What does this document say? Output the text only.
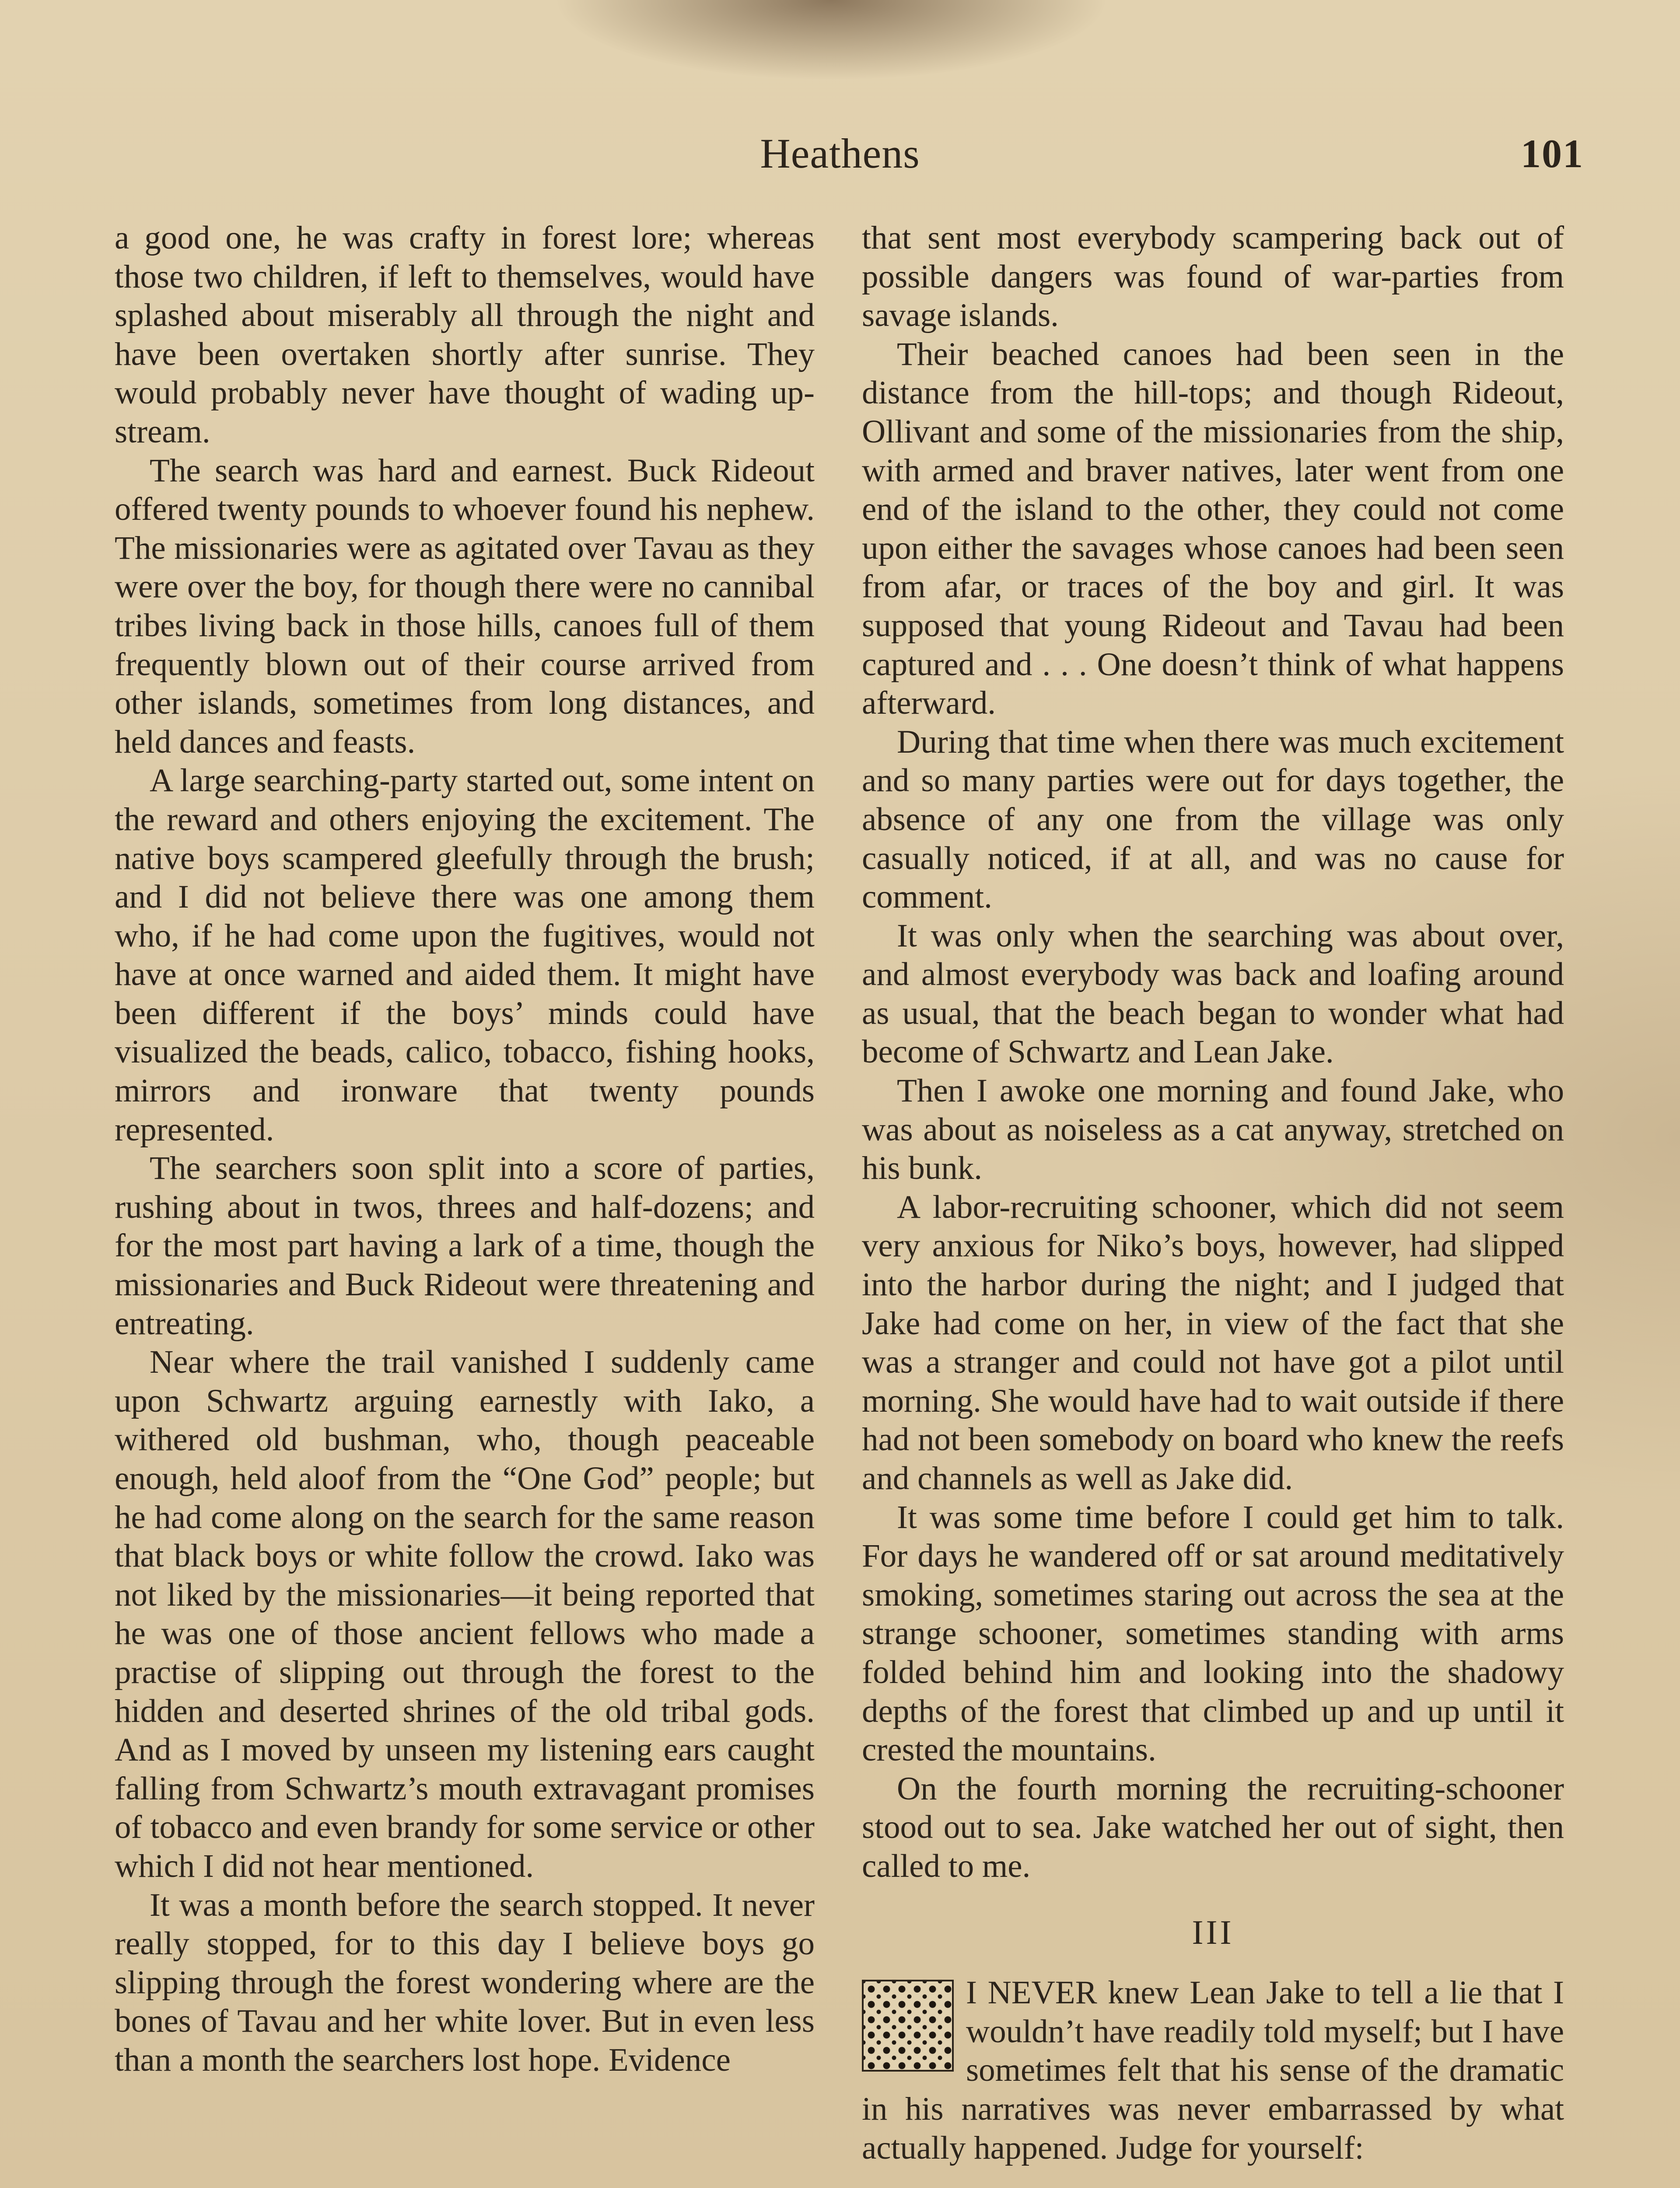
Heathens	101

a good one, he was crafty in forest lore; whereas those two children, if left to themselves, would have splashed about miserably all through the night and have been overtaken shortly after sunrise. They would probably never have thought of wading up-stream.

The search was hard and earnest. Buck Rideout offered twenty pounds to whoever found his nephew. The missionaries were as agitated over Tavau as they were over the boy, for though there were no cannibal tribes living back in those hills, canoes full of them frequently blown out of their course arrived from other islands, sometimes from long distances, and held dances and feasts.

A large searching-party started out, some intent on the reward and others enjoying the excitement. The native boys scampered gleefully through the brush; and I did not believe there was one among them who, if he had come upon the fugitives, would not have at once warned and aided them. It might have been different if the boys’ minds could have visualized the beads, calico, tobacco, fishing hooks, mirrors and ironware that twenty pounds represented.

The searchers soon split into a score of parties, rushing about in twos, threes and half-dozens; and for the most part having a lark of a time, though the missionaries and Buck Rideout were threatening and entreating.

Near where the trail vanished I suddenly came upon Schwartz arguing earnestly with Iako, a withered old bushman, who, though peaceable enough, held aloof from the “One God” people; but he had come along on the search for the same reason that black boys or white follow the crowd. Iako was not liked by the missionaries—it being reported that he was one of those ancient fellows who made a practise of slipping out through the forest to the hidden and deserted shrines of the old tribal gods. And as I moved by unseen my listening ears caught falling from Schwartz’s mouth extravagant promises of tobacco and even brandy for some service or other which I did not hear mentioned.

It was a month before the search stopped. It never really stopped, for to this day I believe boys go slipping through the forest wondering where are the bones of Tavau and her white lover. But in even less than a month the searchers lost hope. Evidence

that sent most everybody scampering back out of possible dangers was found of war-parties from savage islands.

Their beached canoes had been seen in the distance from the hill-tops; and though Rideout, Ollivant and some of the missionaries from the ship, with armed and braver natives, later went from one end of the island to the other, they could not come upon either the savages whose canoes had been seen from afar, or traces of the boy and girl. It was supposed that young Rideout and Tavau had been captured and . . . One doesn’t think of what happens afterward.

During that time when there was much excitement and so many parties were out for days together, the absence of any one from the village was only casually noticed, if at all, and was no cause for comment.

It was only when the searching was about over, and almost everybody was back and loafing around as usual, that the beach began to wonder what had become of Schwartz and Lean Jake.

Then I awoke one morning and found Jake, who was about as noiseless as a cat anyway, stretched on his bunk.

A labor-recruiting schooner, which did not seem very anxious for Niko’s boys, however, had slipped into the harbor during the night; and I judged that Jake had come on her, in view of the fact that she was a stranger and could not have got a pilot until morning. She would have had to wait outside if there had not been somebody on board who knew the reefs and channels as well as Jake did.

It was some time before I could get him to talk. For days he wandered off or sat around meditatively smoking, sometimes staring out across the sea at the strange schooner, sometimes standing with arms folded behind him and looking into the shadowy depths of the forest that climbed up and up until it crested the mountains.

On the fourth morning the recruiting-schooner stood out to sea. Jake watched her out of sight, then called to me.

III

I NEVER knew Lean Jake to tell a lie that I wouldn’t have readily told myself; but I have sometimes felt that his sense of the dramatic in his narratives was never embarrassed by what actually happened. Judge for yourself:
